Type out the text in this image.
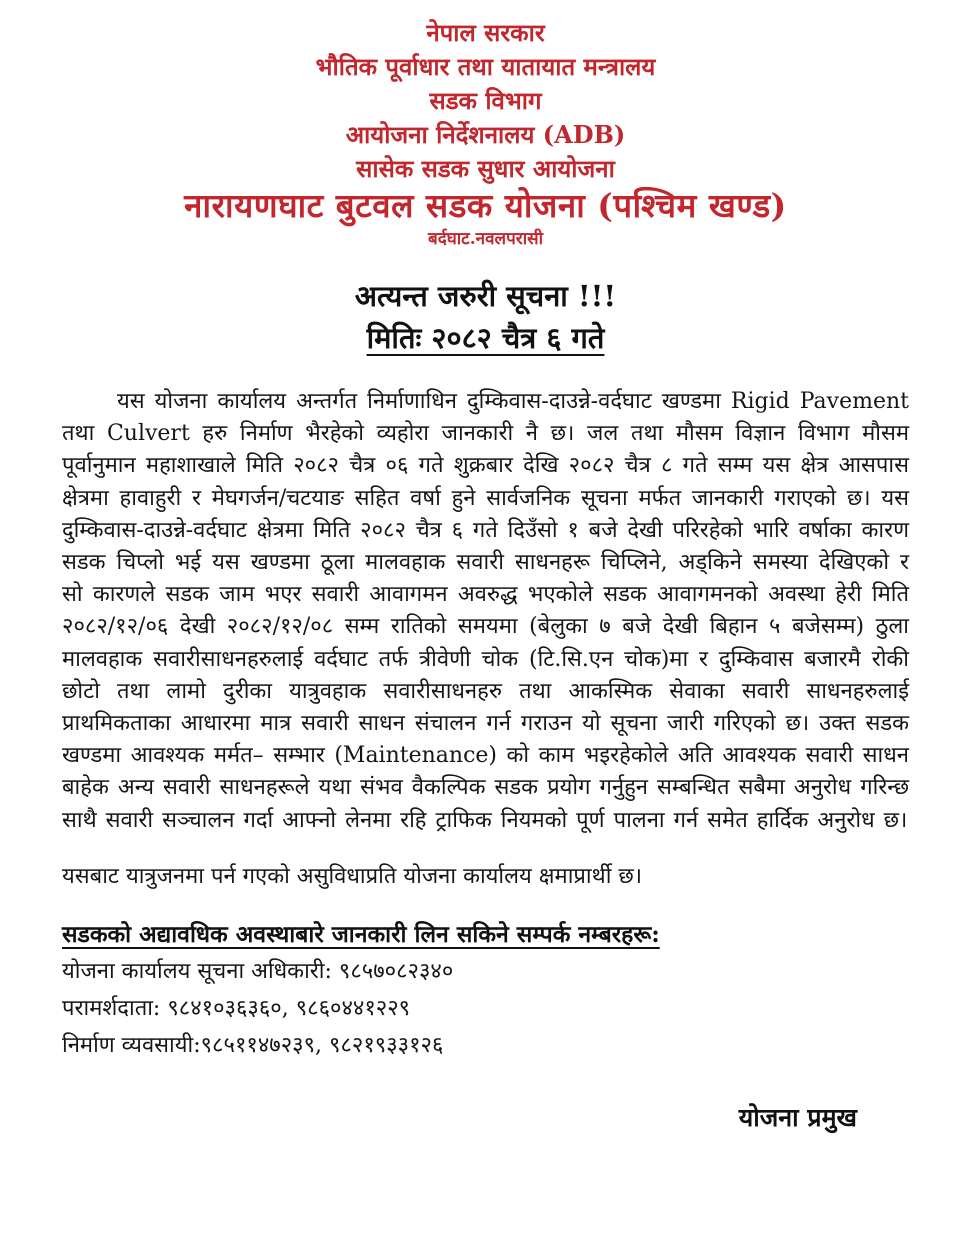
नेपाल सरकार
भौतिक पूर्वाधार तथा यातायात मन्त्रालय
सडक विभाग
आयोजना निर्देशनालय (ADB)
सासेक सडक सुधार आयोजना
नारायणघाट बुटवल सडक योजना (पश्चिम खण्ड)
बर्दघाट.नवलपरासी
अत्यन्त जरुरी सूचना !!!
मितिः २०८२ चैत्र ६ गते

यस योजना कार्यालय अन्तर्गत निर्माणाधिन दुम्किवास-दाउन्ने-वर्दघाट खण्डमा Rigid Pavement तथा Culvert हरु निर्माण भैरहेको व्यहोरा जानकारी नै छ। जल तथा मौसम विज्ञान विभाग मौसम पूर्वानुमान महाशाखाले मिति २०८२ चैत्र ०६ गते शुक्रबार देखि २०८२ चैत्र ८ गते सम्म यस क्षेत्र आसपास क्षेत्रमा हावाहुरी र मेघगर्जन/चटयाङ सहित वर्षा हुने सार्वजनिक सूचना मर्फत जानकारी गराएको छ। यस दुम्किवास-दाउन्ने-वर्दघाट क्षेत्रमा मिति २०८२ चैत्र ६ गते दिउँसो १ बजे देखी परिरहेको भारि वर्षाका कारण सडक चिप्लो भई यस खण्डमा ठूला मालवहाक सवारी साधनहरू चिप्लिने, अड्किने समस्या देखिएको र सो कारणले सडक जाम भएर सवारी आवागमन अवरुद्ध भएकोले सडक आवागमनको अवस्था हेरी मिति २०८२/१२/०६ देखी २०८२/१२/०८ सम्म रातिको समयमा (बेलुका ७ बजे देखी बिहान ५ बजेसम्म) ठुला मालवहाक सवारीसाधनहरुलाई वर्दघाट तर्फ त्रीवेणी चोक (टि.सि.एन चोक)मा र दुम्किवास बजारमै रोकी छोटो तथा लामो दुरीका यात्रुवहाक सवारीसाधनहरु तथा आकस्मिक सेवाका सवारी साधनहरुलाई प्राथमिकताका आधारमा मात्र सवारी साधन संचालन गर्न गराउन यो सूचना जारी गरिएको छ। उक्त सडक खण्डमा आवश्यक मर्मत– सम्भार (Maintenance) को काम भइरहेकोले अति आवश्यक सवारी साधन बाहेक अन्य सवारी साधनहरूले यथा संभव वैकल्पिक सडक प्रयोग गर्नुहुन सम्बन्धित सबैमा अनुरोध गरिन्छ साथै सवारी सञ्चालन गर्दा आफ्नो लेनमा रहि ट्राफिक नियमको पूर्ण पालना गर्न समेत हार्दिक अनुरोध छ।

यसबाट यात्रुजनमा पर्न गएको असुविधाप्रति योजना कार्यालय क्षमाप्रार्थी छ।

सडकको अद्यावधिक अवस्थाबारे जानकारी लिन सकिने सम्पर्क नम्बरहरू:
योजना कार्यालय सूचना अधिकारी: ९८५७०८२३४०
परामर्शदाता: ९८४१०३६३६०, ९८६०४४१२२९
निर्माण व्यवसायी:९८५११४७२३९, ९८२१९३३१२६
योजना प्रमुख
